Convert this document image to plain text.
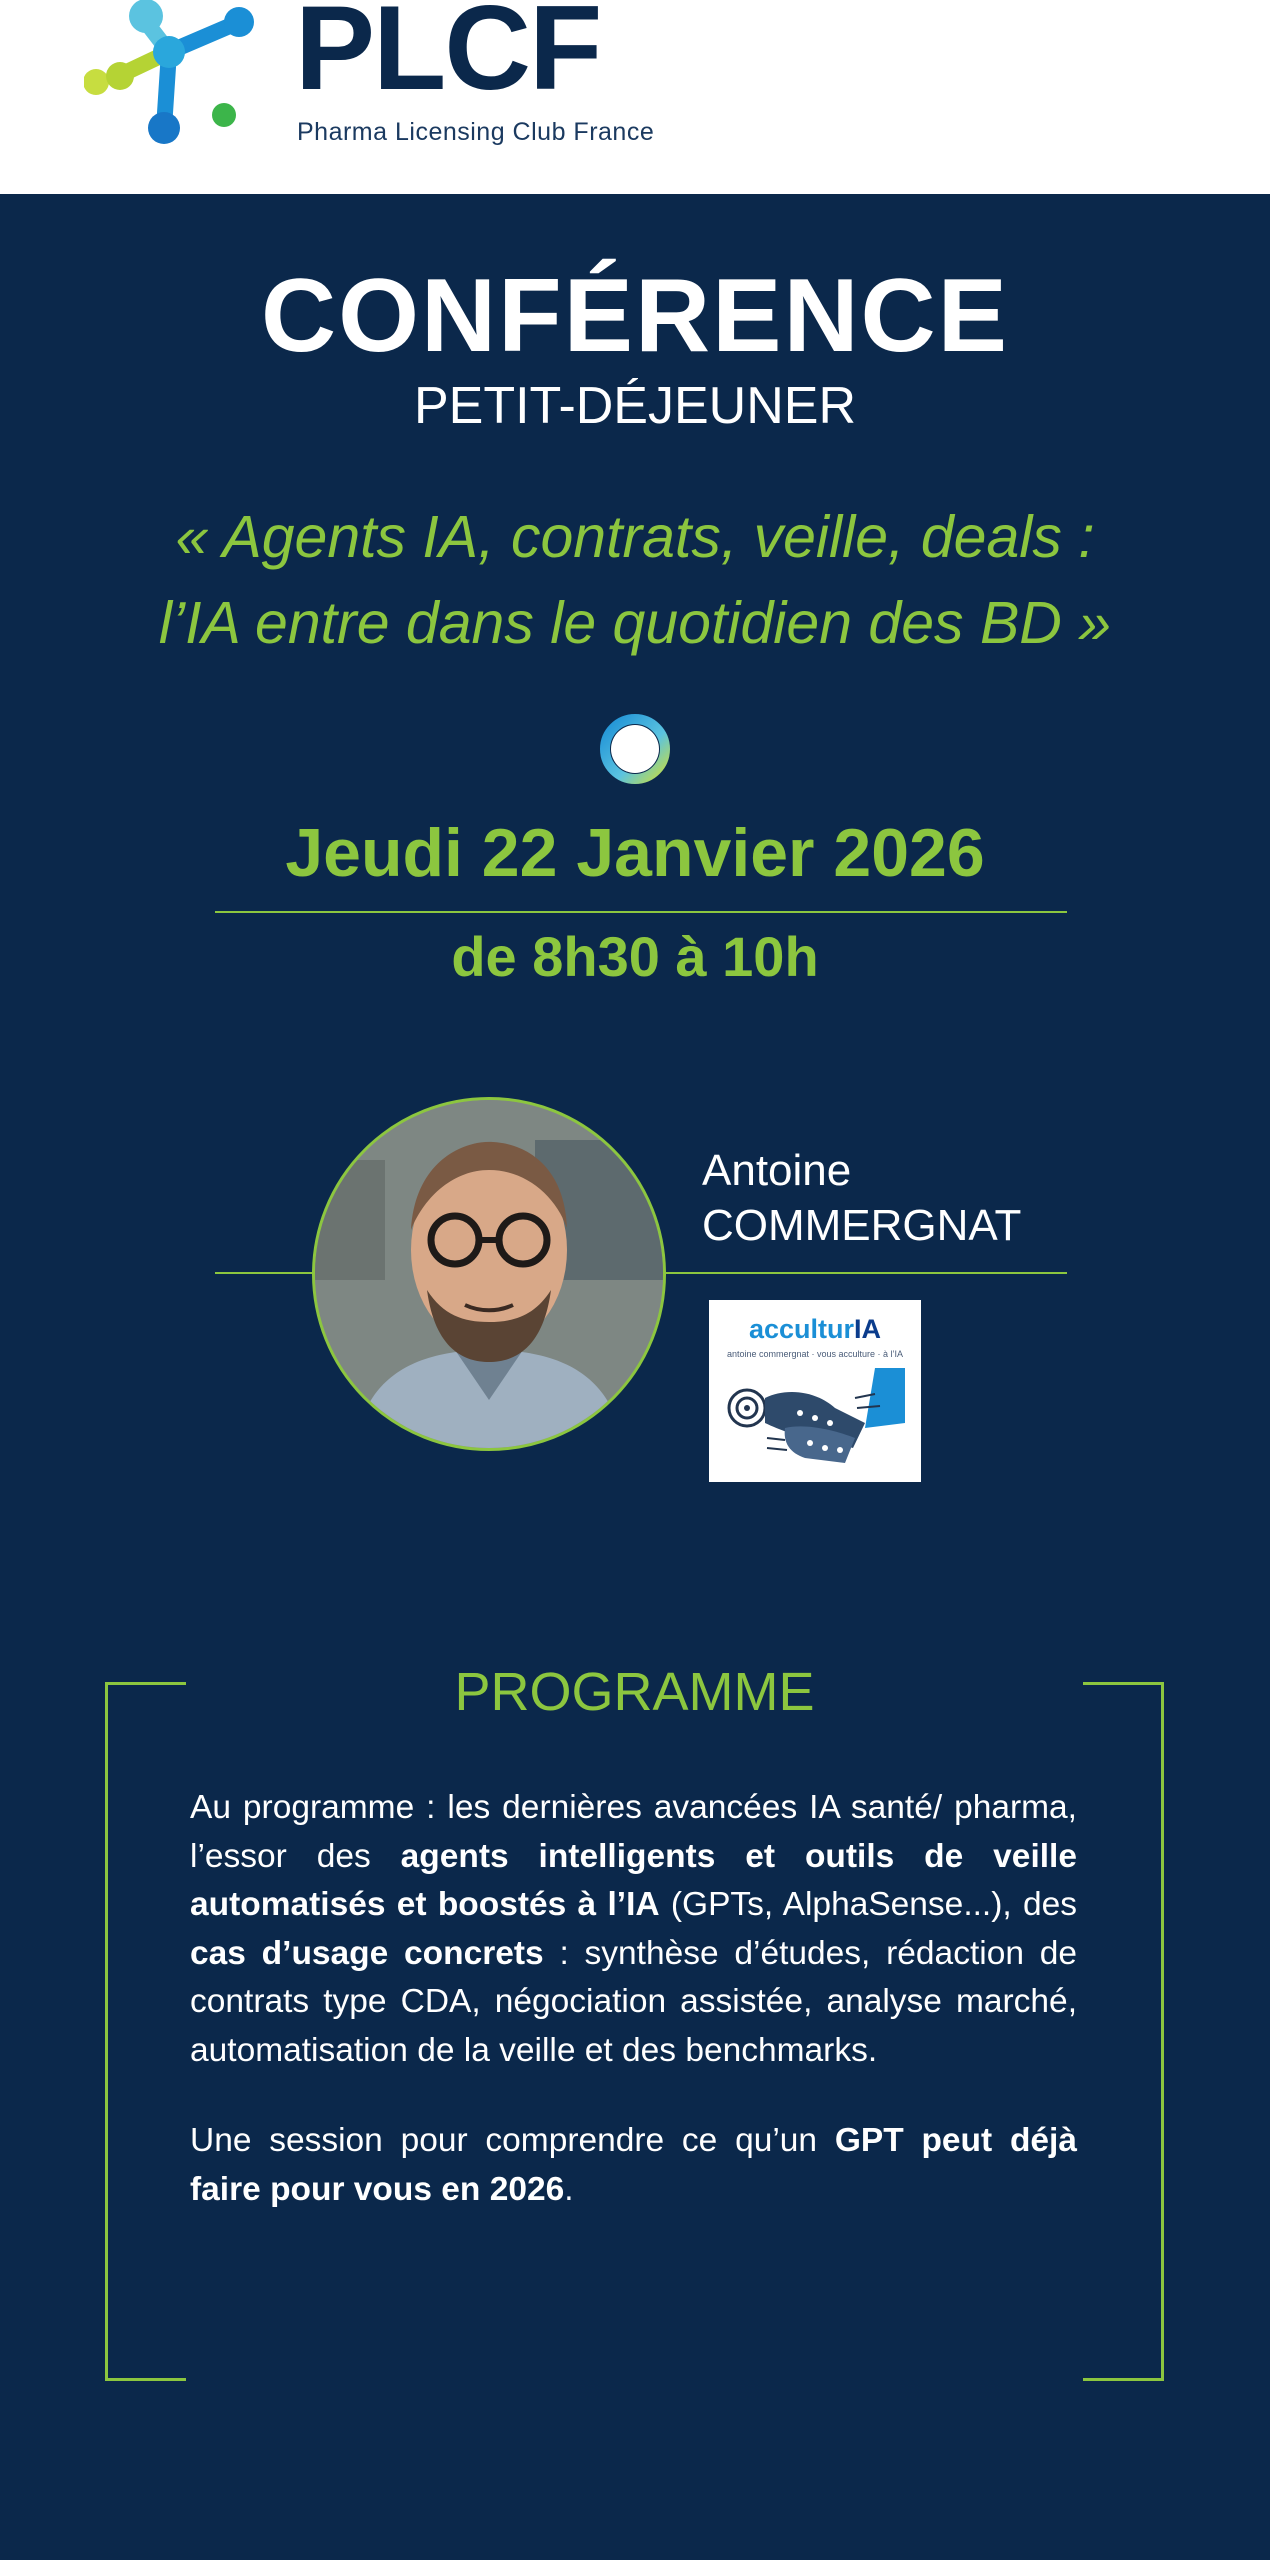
PLCF
Pharma Licensing Club France
CONFÉRENCE
PETIT-DÉJEUNER
« Agents IA, contrats, veille, deals :
l’IA entre dans le quotidien des BD »
Jeudi 22 Janvier 2026
de 8h30 à 10h
Antoine
COMMERGNAT
acculturIA
antoine commergnat · vous acculture · à l’IA
PROGRAMME

Au programme : les dernières avancées IA santé/ pharma, l’essor des agents intelligents et outils de veille automatisés et boostés à l’IA (GPTs, AlphaSense...), des cas d’usage concrets : synthèse d’études, rédaction de contrats type CDA, négociation assistée, analyse marché, automatisation de la veille et des benchmarks.

Une session pour comprendre ce qu’un GPT peut déjà faire pour vous en 2026.
